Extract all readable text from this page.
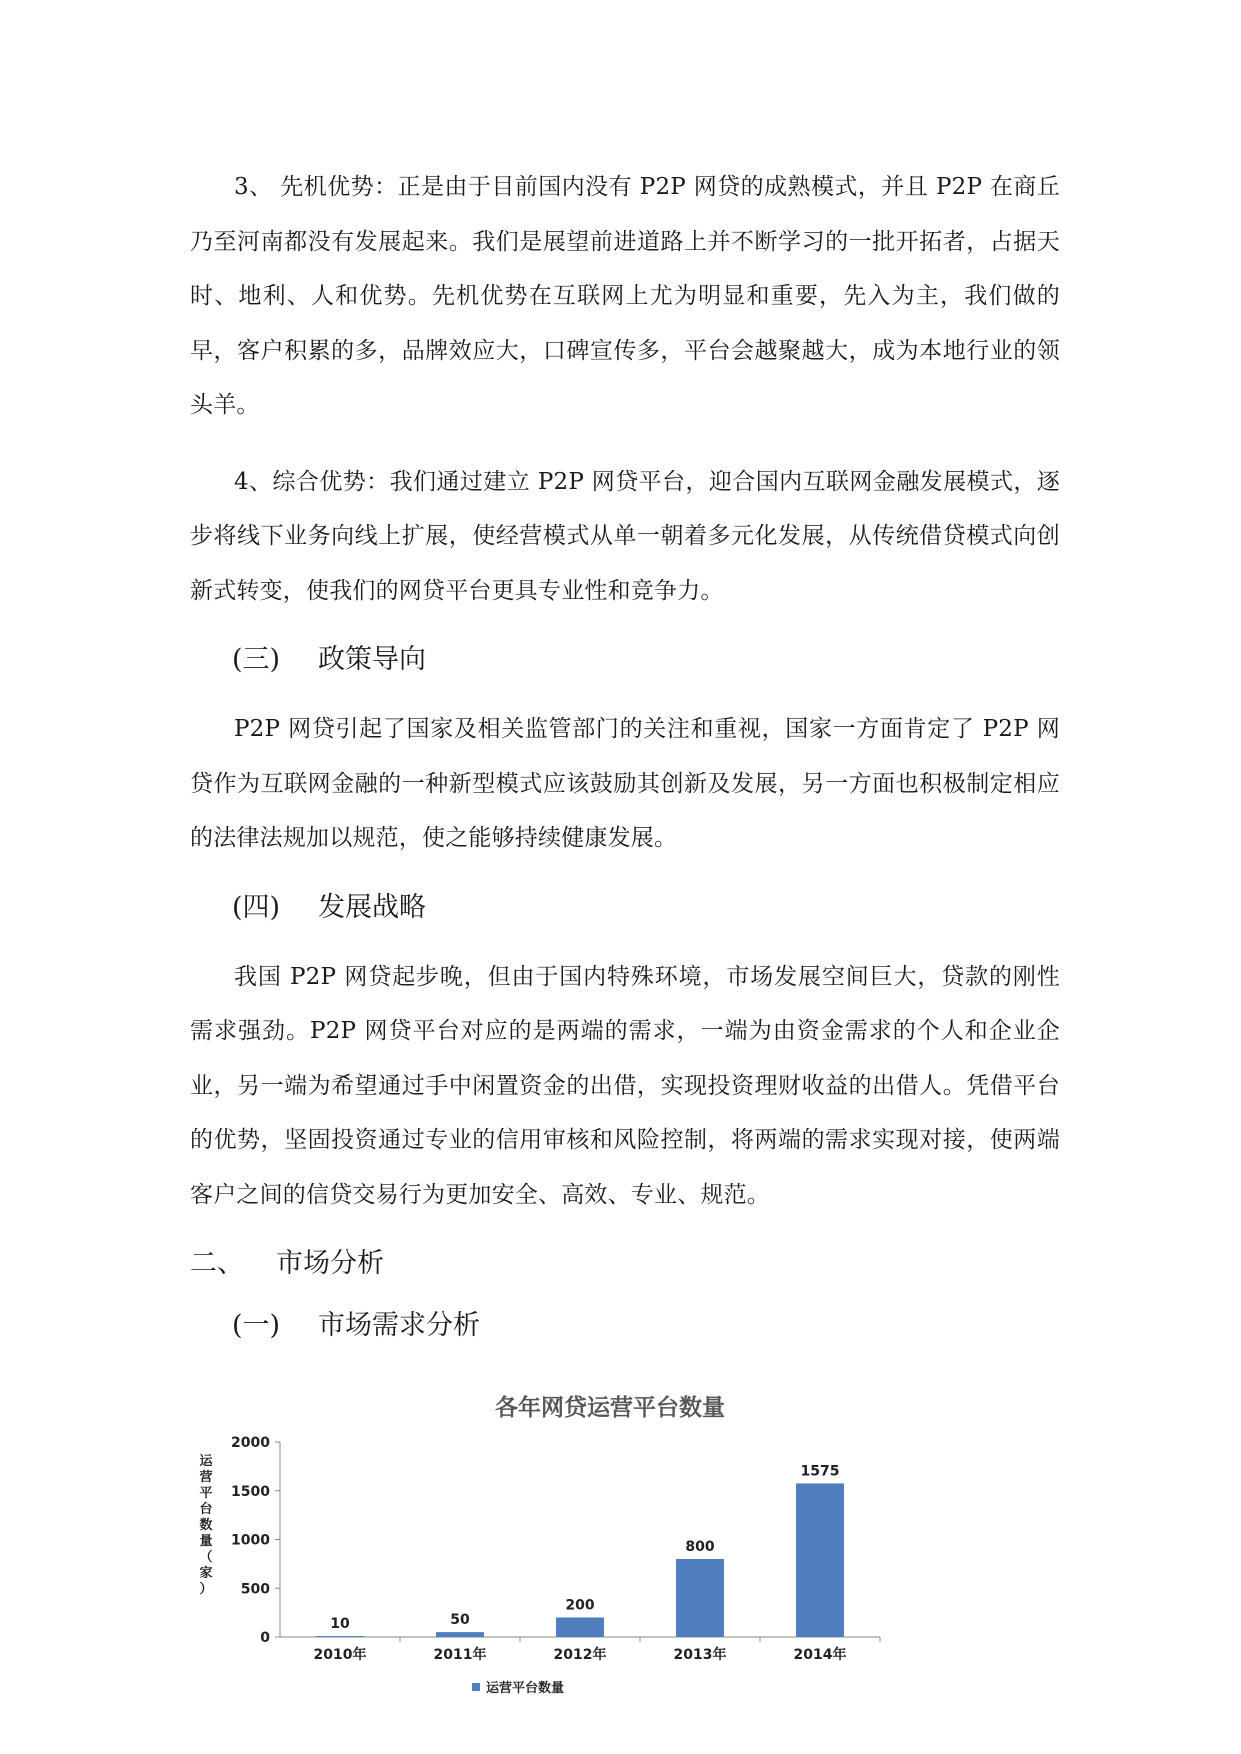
3、 先机优势：正是由于目前国内没有 P2P 网贷的成熟模式，并且 P2P 在商丘乃至河南都没有发展起来。我们是展望前进道路上并不断学习的一批开拓者，占据天时、地利、人和优势。先机优势在互联网上尤为明显和重要，先入为主，我们做的早，客户积累的多，品牌效应大，口碑宣传多，平台会越聚越大，成为本地行业的领头羊。

4、综合优势：我们通过建立 P2P 网贷平台，迎合国内互联网金融发展模式，逐步将线下业务向线上扩展，使经营模式从单一朝着多元化发展，从传统借贷模式向创新式转变，使我们的网贷平台更具专业性和竞争力。

(三)	政策导向

P2P 网贷引起了国家及相关监管部门的关注和重视，国家一方面肯定了 P2P 网贷作为互联网金融的一种新型模式应该鼓励其创新及发展，另一方面也积极制定相应的法律法规加以规范，使之能够持续健康发展。

(四)	发展战略

我国 P2P 网贷起步晚，但由于国内特殊环境，市场发展空间巨大，贷款的刚性需求强劲。P2P 网贷平台对应的是两端的需求，一端为由资金需求的个人和企业企业，另一端为希望通过手中闲置资金的出借，实现投资理财收益的出借人。凭借平台的优势，坚固投资通过专业的信用审核和风险控制，将两端的需求实现对接，使两端客户之间的信贷交易行为更加安全、高效、专业、规范。

二、	市场分析
(一)	市场需求分析
各年网贷运营平台数量
运
营
平
台
数
量
（
家
）
0
500
1000
1500
2000
10	50
200
800
1575
2010年	2011年	2012年	2013年	2014年
运营平台数量
